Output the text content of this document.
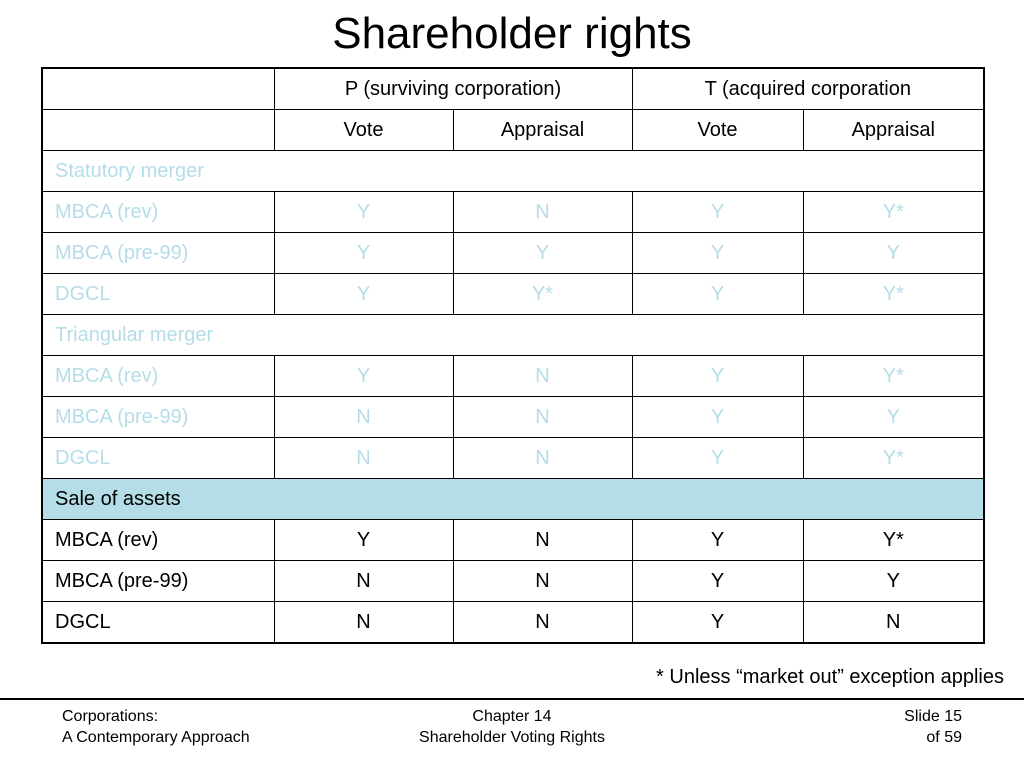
Shareholder rights
	P (surviving corporation)		T (acquired corporation	
	Vote	Appraisal	Vote	Appraisal
Statutory merger				
MBCA (rev)	Y	N	Y	Y*
MBCA (pre-99)	Y	Y	Y	Y
DGCL	Y	Y*	Y	Y*
Triangular merger				
MBCA (rev)	Y	N	Y	Y*
MBCA (pre-99)	N	N	Y	Y
DGCL	N	N	Y	Y*
Sale of assets				
MBCA (rev)	Y	N	Y	Y*
MBCA (pre-99)	N	N	Y	Y
DGCL	N	N	Y	N
* Unless “market out” exception applies
Corporations:
A Contemporary Approach
Chapter 14
Shareholder Voting Rights
Slide 15
of 59
